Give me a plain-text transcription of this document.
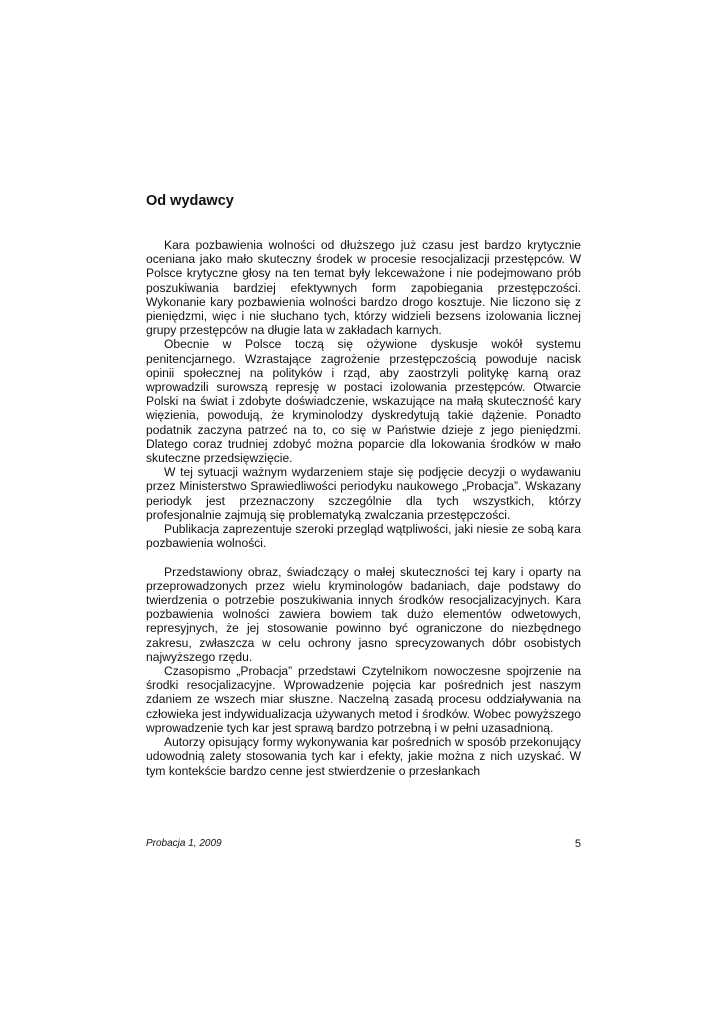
Od wydawcy

Kara pozbawienia wolności od dłuższego już czasu jest bardzo krytycznie oceniana jako mało skuteczny środek w procesie resocjalizacji przestępców. W Polsce krytyczne głosy na ten temat były lekceważone i nie podejmowano prób poszukiwania bardziej efektywnych form zapobiegania przestępczości. Wykonanie kary pozbawienia wolności bardzo drogo kosztuje. Nie liczono się z pieniędzmi, więc i nie słuchano tych, którzy widzieli bezsens izolowania licznej grupy przestępców na długie lata w zakładach karnych.

Obecnie w Polsce toczą się ożywione dyskusje wokół systemu penitencjarnego. Wzrastające zagrożenie przestępczością powoduje nacisk opinii społecznej na polityków i rząd, aby zaostrzyli politykę karną oraz wprowadzili surowszą represję w postaci izolowania przestępców. Otwarcie Polski na świat i zdobyte doświadczenie, wskazujące na małą skuteczność kary więzienia, powodują, że kryminolodzy dyskredytują takie dążenie. Ponadto podatnik zaczyna patrzeć na to, co się w Państwie dzieje z jego pieniędzmi. Dlatego coraz trudniej zdobyć można poparcie dla lokowania środków w mało skuteczne przedsięwzięcie.

W tej sytuacji ważnym wydarzeniem staje się podjęcie decyzji o wydawaniu przez Ministerstwo Sprawiedliwości periodyku naukowego „Probacja”. Wskazany periodyk jest przeznaczony szczególnie dla tych wszystkich, którzy profesjonalnie zajmują się problematyką zwalczania przestępczości.

Publikacja zaprezentuje szeroki przegląd wątpliwości, jaki niesie ze sobą kara pozbawienia wolności.

Przedstawiony obraz, świadczący o małej skuteczności tej kary i oparty na przeprowadzonych przez wielu kryminologów badaniach, daje podstawy do twierdzenia o potrzebie poszukiwania innych środków resocjalizacyjnych. Kara pozbawienia wolności zawiera bowiem tak dużo elementów odwetowych, represyjnych, że jej stosowanie powinno być ograniczone do niezbędnego zakresu, zwłaszcza w celu ochrony jasno sprecyzowanych dóbr osobistych najwyższego rzędu.

Czasopismo „Probacja” przedstawi Czytelnikom nowoczesne spojrzenie na środki resocjalizacyjne. Wprowadzenie pojęcia kar pośrednich jest naszym zdaniem ze wszech miar słuszne. Naczelną zasadą procesu oddziaływania na człowieka jest indywidualizacja używanych metod i środków. Wobec powyższego wprowadzenie tych kar jest sprawą bardzo potrzebną i w pełni uzasadnioną.

Autorzy opisujący formy wykonywania kar pośrednich w sposób przekonujący udowodnią zalety stosowania tych kar i efekty, jakie można z nich uzyskać. W tym kontekście bardzo cenne jest stwierdzenie o przesłankach

Probacja 1, 2009	5
